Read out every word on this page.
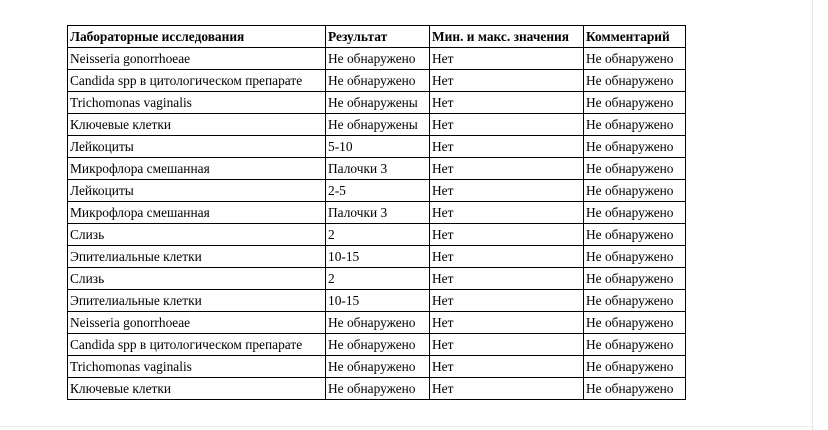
Лабораторные исследования	Результат	Мин. и макс. значения	Комментарий
Neisseria gonorrhoeae	Не обнаружено	Нет	Не обнаружено
Candida spp в цитологическом препарате	Не обнаружено	Нет	Не обнаружено
Trichomonas vaginalis	Не обнаружены	Нет	Не обнаружено
Ключевые клетки	Не обнаружены	Нет	Не обнаружено
Лейкоциты	5-10	Нет	Не обнаружено
Микрофлора смешанная	Палочки 3	Нет	Не обнаружено
Лейкоциты	2-5	Нет	Не обнаружено
Микрофлора смешанная	Палочки 3	Нет	Не обнаружено
Слизь	2	Нет	Не обнаружено
Эпителиальные клетки	10-15	Нет	Не обнаружено
Слизь	2	Нет	Не обнаружено
Эпителиальные клетки	10-15	Нет	Не обнаружено
Neisseria gonorrhoeae	Не обнаружено	Нет	Не обнаружено
Candida spp в цитологическом препарате	Не обнаружено	Нет	Не обнаружено
Trichomonas vaginalis	Не обнаружено	Нет	Не обнаружено
Ключевые клетки	Не обнаружено	Нет	Не обнаружено
